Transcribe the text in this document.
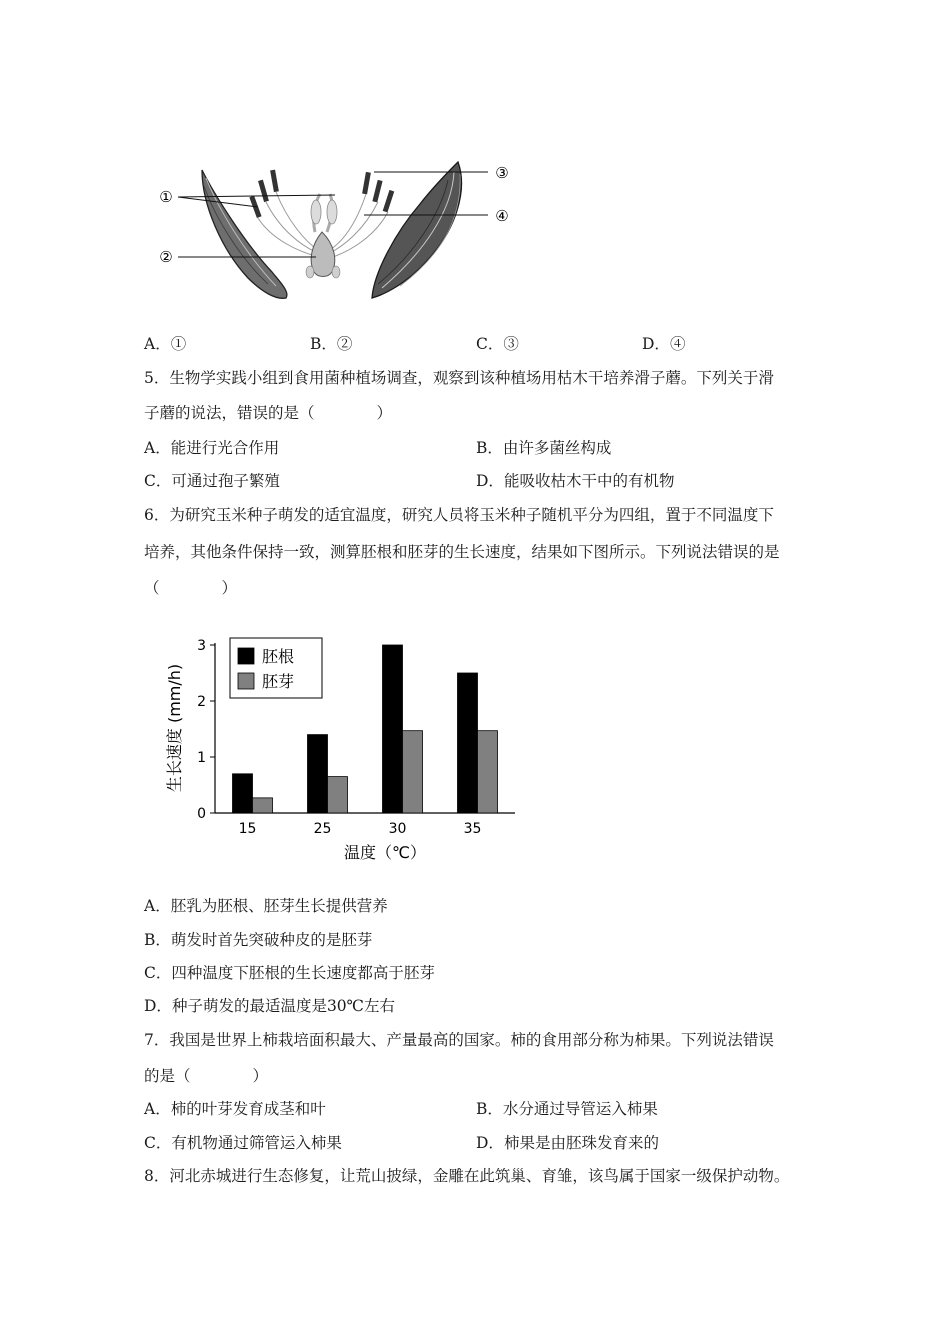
①
②
③
④
A．①	B．②	C．③	D．④
5．生物学实践小组到食用菌种植场调查，观察到该种植场用枯木干培养滑子蘑。下列关于滑
子蘑的说法，错误的是（　　　　）
A．能进行光合作用	B．由许多菌丝构成
C．可通过孢子繁殖	D．能吸收枯木干中的有机物
6．为研究玉米种子萌发的适宜温度，研究人员将玉米种子随机平分为四组，置于不同温度下
培养，其他条件保持一致，测算胚根和胚芽的生长速度，结果如下图所示。下列说法错误的是
（　　　　）
0
1
2
3
15	25	30	35
胚根
胚芽
生长速度 (mm/h)
温度（℃）
A．胚乳为胚根、胚芽生长提供营养
B．萌发时首先突破种皮的是胚芽
C．四种温度下胚根的生长速度都高于胚芽
D．种子萌发的最适温度是30℃左右
7．我国是世界上柿栽培面积最大、产量最高的国家。柿的食用部分称为柿果。下列说法错误
的是（　　　　）
A．柿的叶芽发育成茎和叶	B．水分通过导管运入柿果
C．有机物通过筛管运入柿果	D．柿果是由胚珠发育来的
8．河北赤城进行生态修复，让荒山披绿，金雕在此筑巢、育雏，该鸟属于国家一级保护动物。
